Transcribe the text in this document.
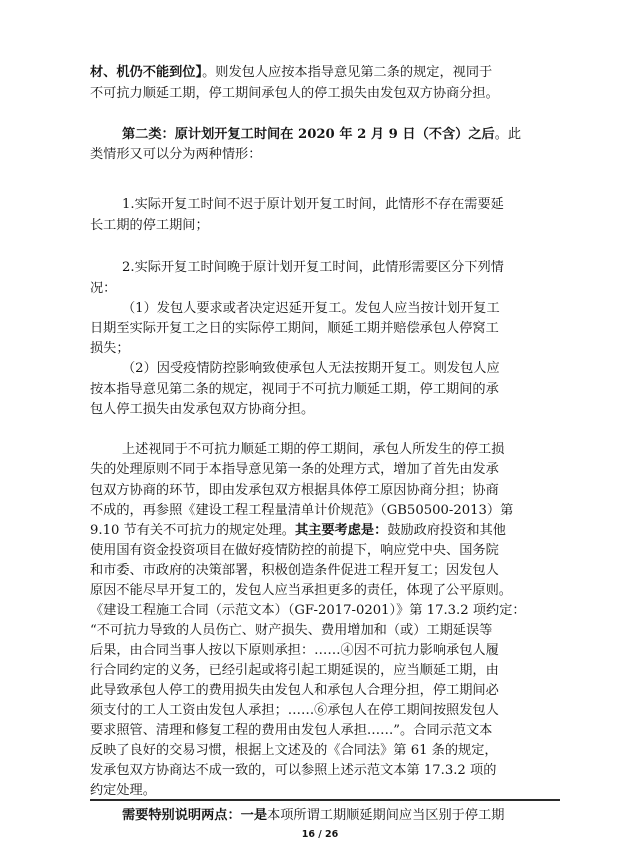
材、机仍不能到位】。则发包人应按本指导意见第二条的规定，视同于
不可抗力顺延工期，停工期间承包人的停工损失由发包双方协商分担。
第二类：原计划开复工时间在 2020 年 2 月 9 日（不含）之后。此
类情形又可以分为两种情形：
1.实际开复工时间不迟于原计划开复工时间，此情形不存在需要延
长工期的停工期间；
2.实际开复工时间晚于原计划开复工时间，此情形需要区分下列情
况：
（1）发包人要求或者决定迟延开复工。发包人应当按计划开复工
日期至实际开复工之日的实际停工期间，顺延工期并赔偿承包人停窝工
损失；
（2）因受疫情防控影响致使承包人无法按期开复工。则发包人应
按本指导意见第二条的规定，视同于不可抗力顺延工期，停工期间的承
包人停工损失由发承包双方协商分担。
上述视同于不可抗力顺延工期的停工期间，承包人所发生的停工损
失的处理原则不同于本指导意见第一条的处理方式，增加了首先由发承
包双方协商的环节，即由发承包双方根据具体停工原因协商分担；协商
不成的，再参照《建设工程工程量清单计价规范》（GB50500-2013）第
9.10 节有关不可抗力的规定处理。其主要考虑是：鼓励政府投资和其他
使用国有资金投资项目在做好疫情防控的前提下，响应党中央、国务院
和市委、市政府的决策部署，积极创造条件促进工程开复工；因发包人
原因不能尽早开复工的，发包人应当承担更多的责任，体现了公平原则。
《建设工程施工合同（示范文本）（GF-2017-0201）》第 17.3.2 项约定：
“不可抗力导致的人员伤亡、财产损失、费用增加和（或）工期延误等
后果，由合同当事人按以下原则承担：……④因不可抗力影响承包人履
行合同约定的义务，已经引起或将引起工期延误的，应当顺延工期，由
此导致承包人停工的费用损失由发包人和承包人合理分担，停工期间必
须支付的工人工资由发包人承担；……⑥承包人在停工期间按照发包人
要求照管、清理和修复工程的费用由发包人承担……”。合同示范文本
反映了良好的交易习惯，根据上文述及的《合同法》第 61 条的规定，
发承包双方协商达不成一致的，可以参照上述示范文本第 17.3.2 项的
约定处理。
需要特别说明两点：一是本项所谓工期顺延期间应当区别于停工期
16 / 26
